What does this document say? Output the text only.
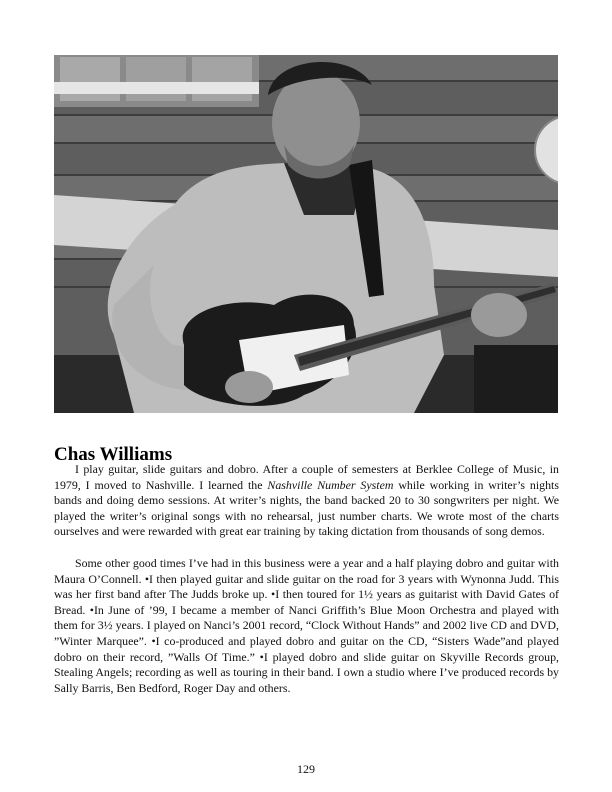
Chas Williams

I play guitar, slide guitars and dobro. After a couple of semesters at Berklee College of Music, in 1979, I moved to Nashville. I learned the Nashville Number System while working in writer’s nights bands and doing demo sessions. At writer’s nights, the band backed 20 to 30 songwriters per night. We played the writer’s original songs with no rehearsal, just number charts. We wrote most of the charts ourselves and were rewarded with great ear training by taking dictation from thousands of song demos.

Some other good times I’ve had in this business were a year and a half playing dobro and guitar with Maura O’Connell. •I then played guitar and slide guitar on the road for 3 years with Wynonna Judd. This was her first band after The Judds broke up. •I then toured for 1½ years as guitarist with David Gates of Bread. •In June of ’99, I became a member of Nanci Griffith’s Blue Moon Orchestra and played with them for 3½ years. I played on Nanci’s 2001 record, “Clock Without Hands” and 2002 live CD and DVD, ”Winter Marquee”. •I co-produced and played dobro and guitar on the CD, “Sisters Wade”and played dobro on their record, ”Walls Of Time.” •I played dobro and slide guitar on Skyville Records group, Stealing Angels; recording as well as touring in their band. I own a studio where I’ve produced records by Sally Barris, Ben Bedford, Roger Day and others.

129
